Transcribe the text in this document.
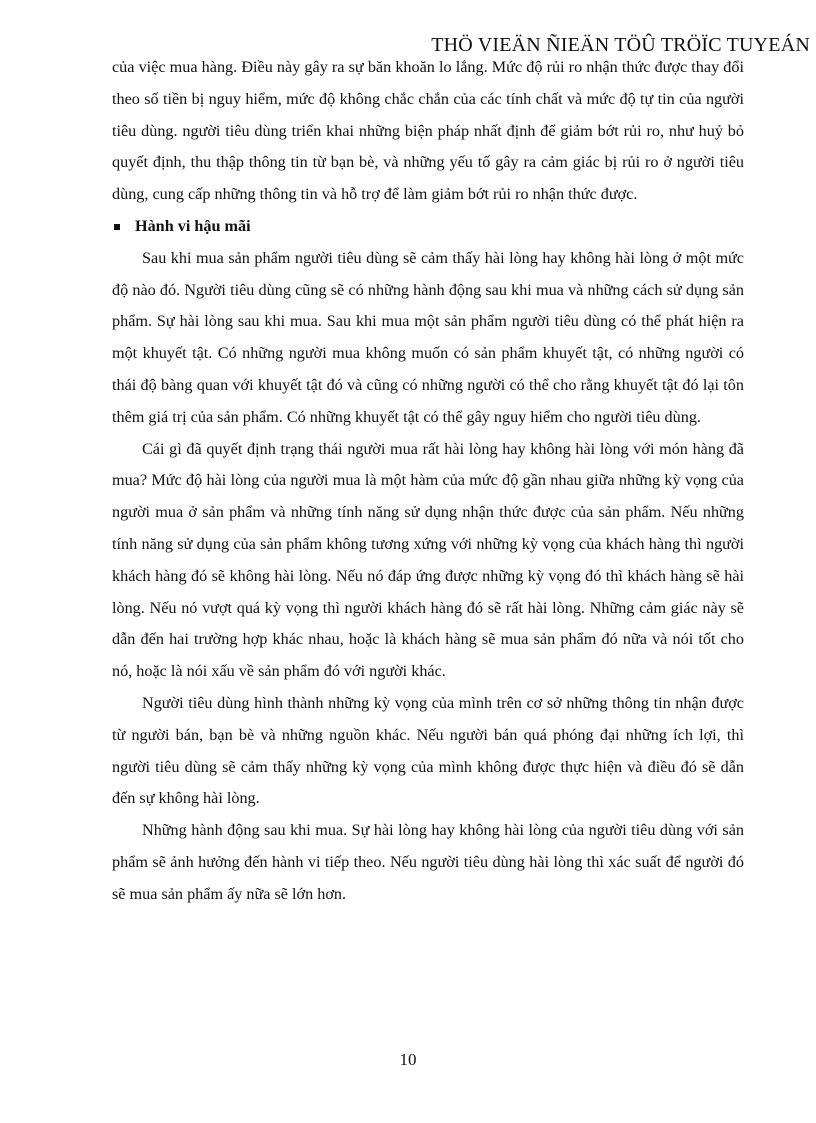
THÖ VIEÄN ÑIEÄN TÖÛ TRÖÏC TUYEÁN

của việc mua hàng. Điều này gây ra sự băn khoăn lo lắng. Mức độ rủi ro nhận thức được thay đổi theo số tiền bị nguy hiểm, mức độ không chắc chắn của các tính chất và mức độ tự tin của người tiêu dùng. người tiêu dùng triển khai những biện pháp nhất định để giảm bớt rủi ro, như huỷ bỏ quyết định, thu thập thông tin từ bạn bè, và những yếu tố gây ra cảm giác bị rủi ro ở người tiêu dùng, cung cấp những thông tin và hỗ trợ để làm giảm bớt rủi ro nhận thức được.

Hành vi hậu mãi

Sau khi mua sản phẩm người tiêu dùng sẽ cảm thấy hài lòng hay không hài lòng ở một mức độ nào đó. Người tiêu dùng cũng sẽ có những hành động sau khi mua và những cách sử dụng sản phẩm. Sự hài lòng sau khi mua. Sau khi mua một sản phẩm người tiêu dùng có thể phát hiện ra một khuyết tật. Có những người mua không muốn có sản phẩm khuyết tật, có những người có thái độ bàng quan với khuyết tật đó và cũng có những người có thể cho rằng khuyết tật đó lại tôn thêm giá trị của sản phẩm. Có những khuyết tật có thể gây nguy hiểm cho người tiêu dùng.

Cái gì đã quyết định trạng thái người mua rất hài lòng hay không hài lòng với món hàng đã mua? Mức độ hài lòng của người mua là một hàm của mức độ gần nhau giữa những kỳ vọng của người mua ở sản phẩm và những tính năng sử dụng nhận thức được của sản phẩm. Nếu những tính năng sử dụng của sản phẩm không tương xứng với những kỳ vọng của khách hàng thì người khách hàng đó sẽ không hài lòng. Nếu nó đáp ứng được những kỳ vọng đó thì khách hàng sẽ hài lòng. Nếu nó vượt quá kỳ vọng thì người khách hàng đó sẽ rất hài lòng. Những cảm giác này sẽ dẫn đến hai trường hợp khác nhau, hoặc là khách hàng sẽ mua sản phẩm đó nữa và nói tốt cho nó, hoặc là nói xấu về sản phẩm đó với người khác.

Người tiêu dùng hình thành những kỳ vọng của mình trên cơ sở những thông tin nhận được từ người bán, bạn bè và những nguồn khác. Nếu người bán quá phóng đại những ích lợi, thì người tiêu dùng sẽ cảm thấy những kỳ vọng của mình không được thực hiện và điều đó sẽ dẫn đến sự không hài lòng.

Những hành động sau khi mua. Sự hài lòng hay không hài lòng của người tiêu dùng với sản phẩm sẽ ảnh hưởng đến hành vi tiếp theo. Nếu người tiêu dùng hài lòng thì xác suất để người đó sẽ mua sản phẩm ấy nữa sẽ lớn hơn.

10
